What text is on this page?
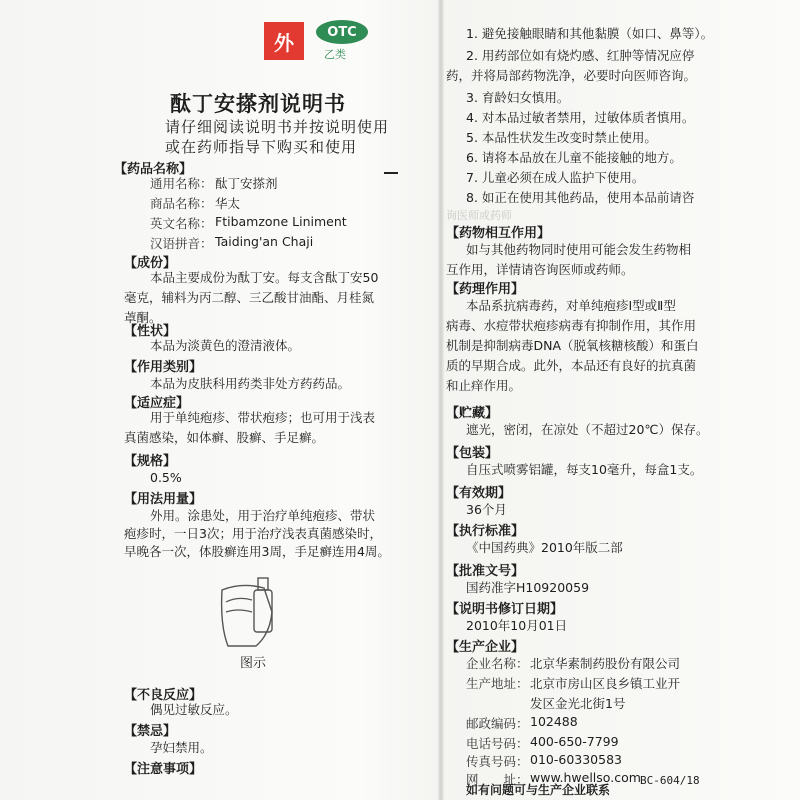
外	OTC
乙类
酞丁安搽剂说明书
请仔细阅读说明书并按说明使用
或在药师指导下购买和使用
【药品名称】
通用名称： 酞丁安搽剂
商品名称： 华太
英文名称： Ftibamzone Liniment
汉语拼音： Taiding'an Chaji
【成份】
本品主要成份为酞丁安。每支含酞丁安50
毫克，辅料为丙二醇、三乙酸甘油酯、月桂氮
䓬酮。
【性状】
本品为淡黄色的澄清液体。
【作用类别】
本品为皮肤科用药类非处方药药品。
【适应症】
用于单纯疱疹、带状疱疹；也可用于浅表
真菌感染，如体癣、股癣、手足癣。
【规格】
0.5%
【用法用量】
外用。涂患处，用于治疗单纯疱疹、带状
疱疹时，一日3次；用于治疗浅表真菌感染时，
早晚各一次，体股癣连用3周，手足癣连用4周。
图示
【不良反应】
偶见过敏反应。
【禁忌】
孕妇禁用。
【注意事项】
1. 避免接触眼睛和其他黏膜（如口、鼻等）。
2. 用药部位如有烧灼感、红肿等情况应停
药，并将局部药物洗净，必要时向医师咨询。
3. 育龄妇女慎用。
4. 对本品过敏者禁用，过敏体质者慎用。
5. 本品性状发生改变时禁止使用。
6. 请将本品放在儿童不能接触的地方。
7. 儿童必须在成人监护下使用。
8. 如正在使用其他药品，使用本品前请咨
询医师或药师
【药物相互作用】
如与其他药物同时使用可能会发生药物相
互作用，详情请咨询医师或药师。
【药理作用】
本品系抗病毒药，对单纯疱疹Ⅰ型或Ⅱ型
病毒、水痘带状疱疹病毒有抑制作用，其作用
机制是抑制病毒DNA（脱氧核糖核酸）和蛋白
质的早期合成。此外，本品还有良好的抗真菌
和止痒作用。
【贮藏】
遮光，密闭，在凉处（不超过20℃）保存。
【包装】
自压式喷雾铝罐，每支10毫升，每盒1支。
【有效期】
36个月
【执行标准】
《中国药典》2010年版二部
【批准文号】
国药准字H10920059
【说明书修订日期】
2010年10月01日
【生产企业】
企业名称： 北京华素制药股份有限公司
生产地址： 北京市房山区良乡镇工业开
发区金光北街1号
邮政编码： 102488
电话号码： 400-650-7799
传真号码： 010-60330583
网　　址： www.hwellso.com
如有问题可与生产企业联系
BC-604/18
